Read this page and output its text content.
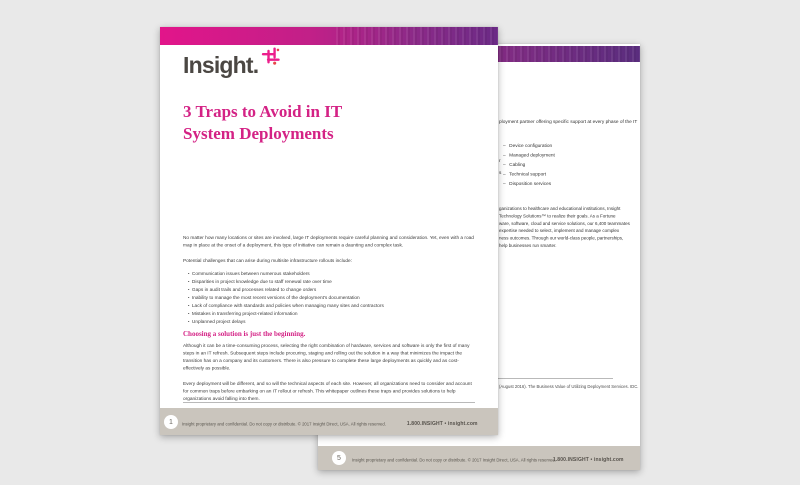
ployment partner offering specific support at every phase of the IT
r
s
– Device configuration
– Managed deployment
– Cabling
– Technical support
– Disposition services
ganizations to healthcare and educational institutions, Insight
Technology Solutions™ to realize their goals. As a Fortune
ware, software, cloud and service solutions, our 6,400 teammates
expertise needed to select, implement and manage complex
ness outcomes. Through our world-class people, partnerships,
help businesses run smarter.
(August 2016). The Business Value of Utilizing Deployment Services. IDC.
5	Insight proprietary and confidential. Do not copy or distribute. © 2017 Insight Direct, USA. All rights reserved.
1.800.INSIGHT • insight.com
Insight.
3 Traps to Avoid in IT
System Deployments

No matter how many locations or sites are involved, large IT deployments require careful planning and consideration. Yet, even with a road map in place at the onset of a deployment, this type of initiative can remain a daunting and complex task.

Potential challenges that can arise during multisite infrastructure rollouts include:

• Communication issues between numerous stakeholders
• Disparities in project knowledge due to staff renewal rate over time
• Gaps in audit trails and processes related to change orders
• Inability to manage the most recent versions of the deployment's documentation
• Lack of compliance with standards and policies when managing many sites and contractors
• Mistakes in transferring project-related information
• Unplanned project delays
Choosing a solution is just the beginning.

Although it can be a time-consuming process, selecting the right combination of hardware, services and software is only the first of many steps in an IT refresh. Subsequent steps include procuring, staging and rolling out the solution in a way that minimizes the impact the transition has on a company and its customers. There is also pressure to complete these large deployments as quickly and as cost-effectively as possible.

Every deployment will be different, and so will the technical aspects of each site. However, all organizations need to consider and account for common traps before embarking on an IT rollout or refresh. This whitepaper outlines these traps and provides solutions to help organizations avoid falling into them.

1	Insight proprietary and confidential. Do not copy or distribute. © 2017 Insight Direct, USA. All rights reserved. 1.800.INSIGHT • insight.com
